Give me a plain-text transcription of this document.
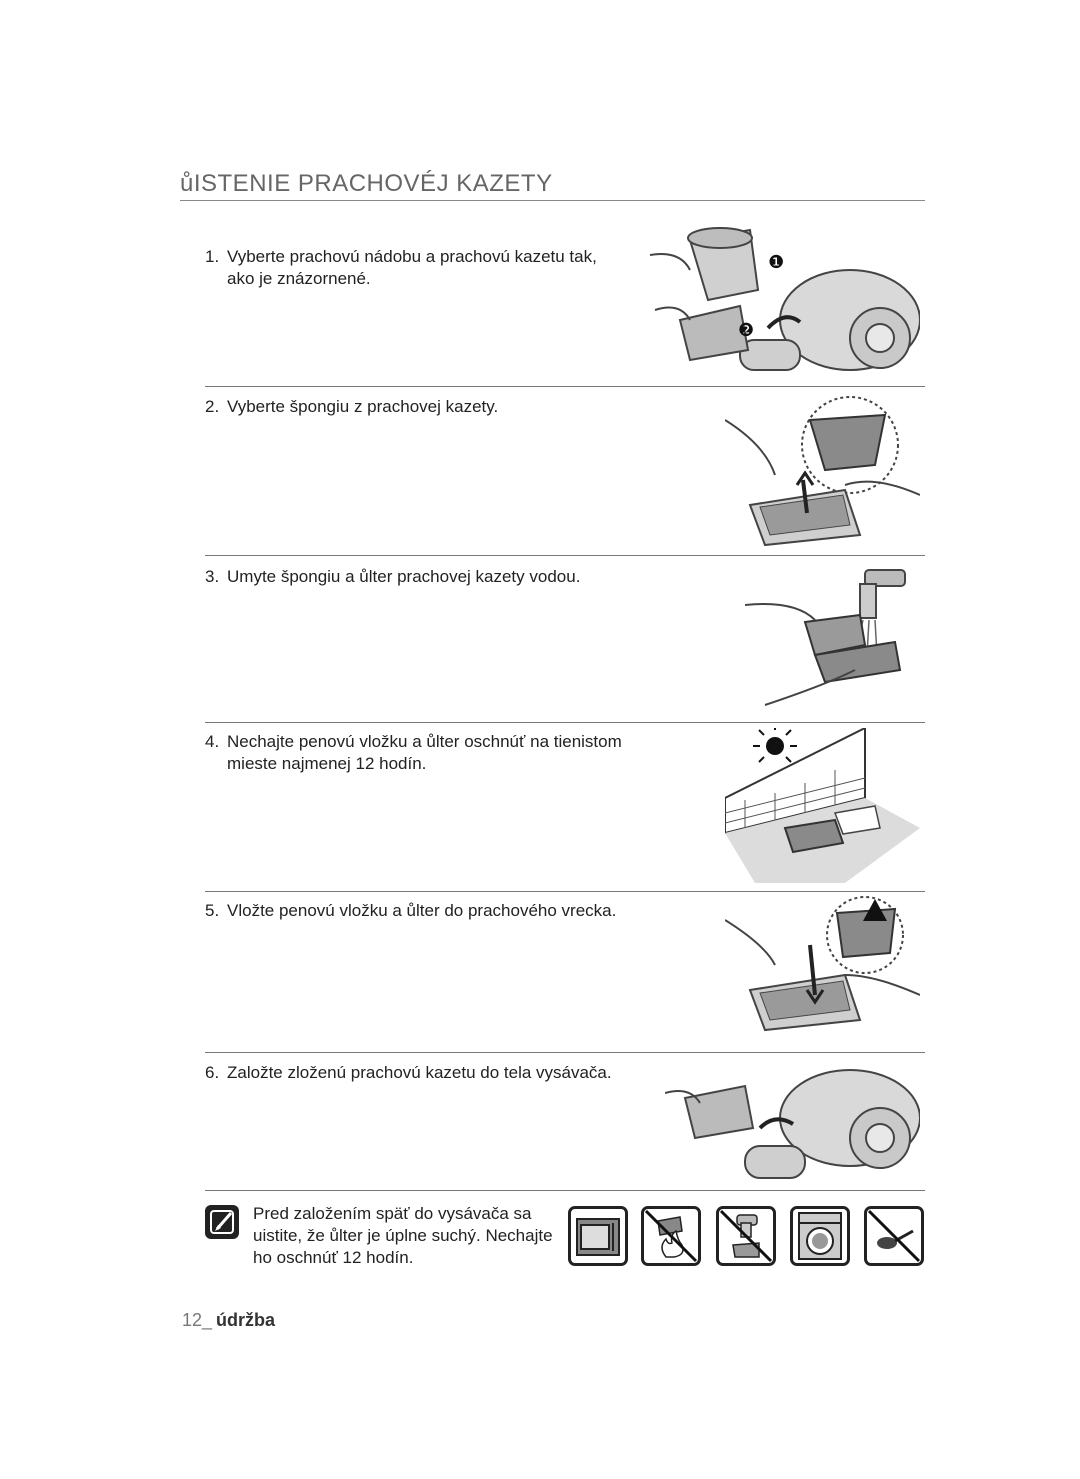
ůISTENIE PRACHOVÉJ KAZETY
1. Vyberte prachovú nádobu a prachovú kazetu tak,
ako je znázornené.
❶
❷
2. Vyberte špongiu z prachovej kazety.
3. Umyte špongiu a ůlter prachovej kazety vodou.
4. Nechajte penovú vložku a ůlter oschnúť na tienistom
mieste najmenej 12 hodín.
5. Vložte penovú vložku a ůlter do prachového vrecka.
6. Založte zloženú prachovú kazetu do tela vysávača.
Pred založením späť do vysávača sa
uistite, že ůlter je úplne suchý. Nechajte
ho oschnúť 12 hodín.
12_ údržba
